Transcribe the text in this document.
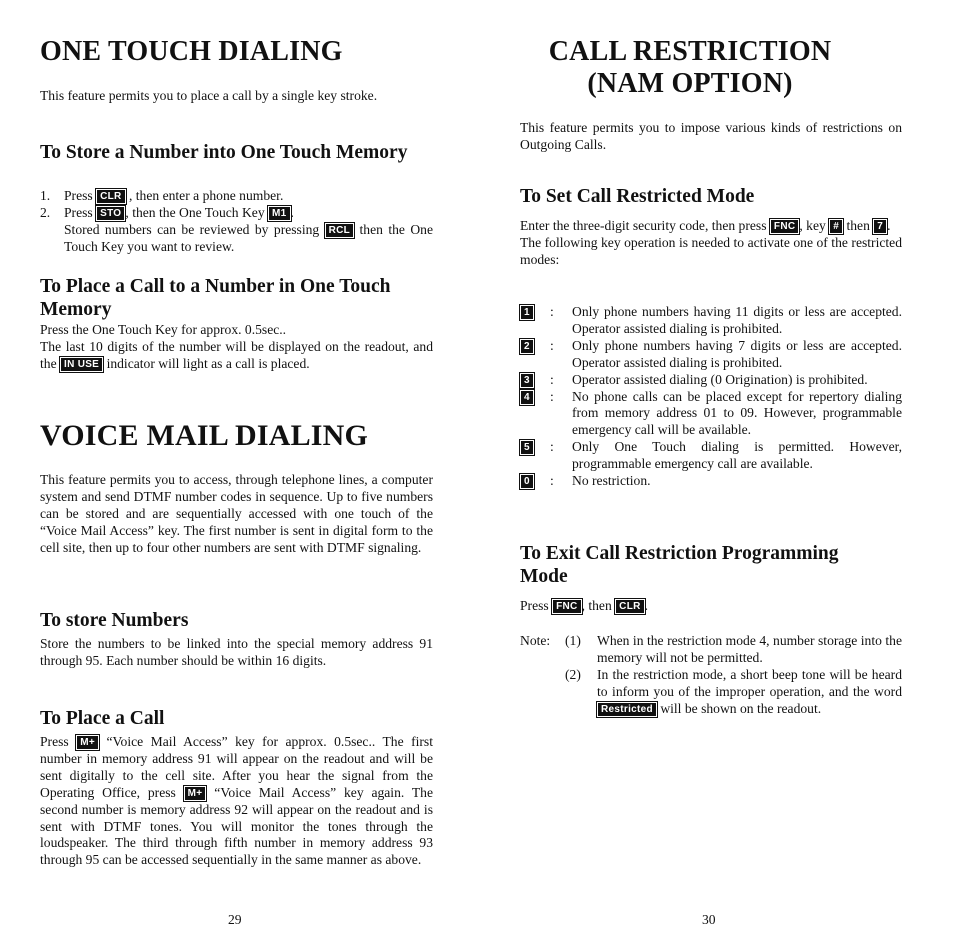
ONE TOUCH DIALING

This feature permits you to place a call by a single key stroke.

To Store a Number into One Touch Memory
1.	Press CLR , then enter a phone number.
2.	Press STO , then the One Touch Key M1 .
Stored numbers can be reviewed by pressing RCL then the One Touch Key you want to review.
To Place a Call to a Number in One Touch Memory

Press the One Touch Key for approx. 0.5sec..

The last 10 digits of the number will be displayed on the readout, and the IN USE indicator will light as a call is placed.

VOICE MAIL DIALING

This feature permits you to access, through telephone lines, a computer system and send DTMF number codes in sequence. Up to five numbers can be stored and are sequentially accessed with one touch of the “Voice Mail Access” key. The first number is sent in digital form to the cell site, then up to four other numbers are sent with DTMF signaling.

To store Numbers

Store the numbers to be linked into the special memory address 91 through 95. Each number should be within 16 digits.

To Place a Call

Press M+ “Voice Mail Access” key for approx. 0.5sec.. The first number in memory address 91 will appear on the readout and will be sent digitally to the cell site. After you hear the signal from the Operating Office, press M+ “Voice Mail Access” key again. The second number is memory address 92 will appear on the readout and is sent with DTMF tones. You will monitor the tones through the loudspeaker. The third through fifth number in memory address 93 through 95 can be accessed sequentially in the same manner as above.

29
CALL RESTRICTION
(NAM OPTION)

This feature permits you to impose various kinds of restrictions on Outgoing Calls.

To Set Call Restricted Mode

Enter the three-digit security code, then press FNC , key # then 7 .

The following key operation is needed to activate one of the restricted modes:

1	:	Only phone numbers having 11 digits or less are accepted. Operator assisted dialing is prohibited.
2	:	Only phone numbers having 7 digits or less are accepted. Operator assisted dialing is prohibited.
3	:	Operator assisted dialing (0 Origination) is prohibited.
4	:	No phone calls can be placed except for repertory dialing from memory address 01 to 09. However, programmable emergency call will be available.
5	:	Only One Touch dialing is permitted. However, programmable emergency call are available.
0	:	No restriction.
To Exit Call Restriction Programming Mode

Press FNC , then CLR .

Note:	(1)	When in the restriction mode 4, number storage into the memory will not be permitted.
(2)	In the restriction mode, a short beep tone will be heard to inform you of the improper operation, and the word Restricted will be shown on the readout.
30
